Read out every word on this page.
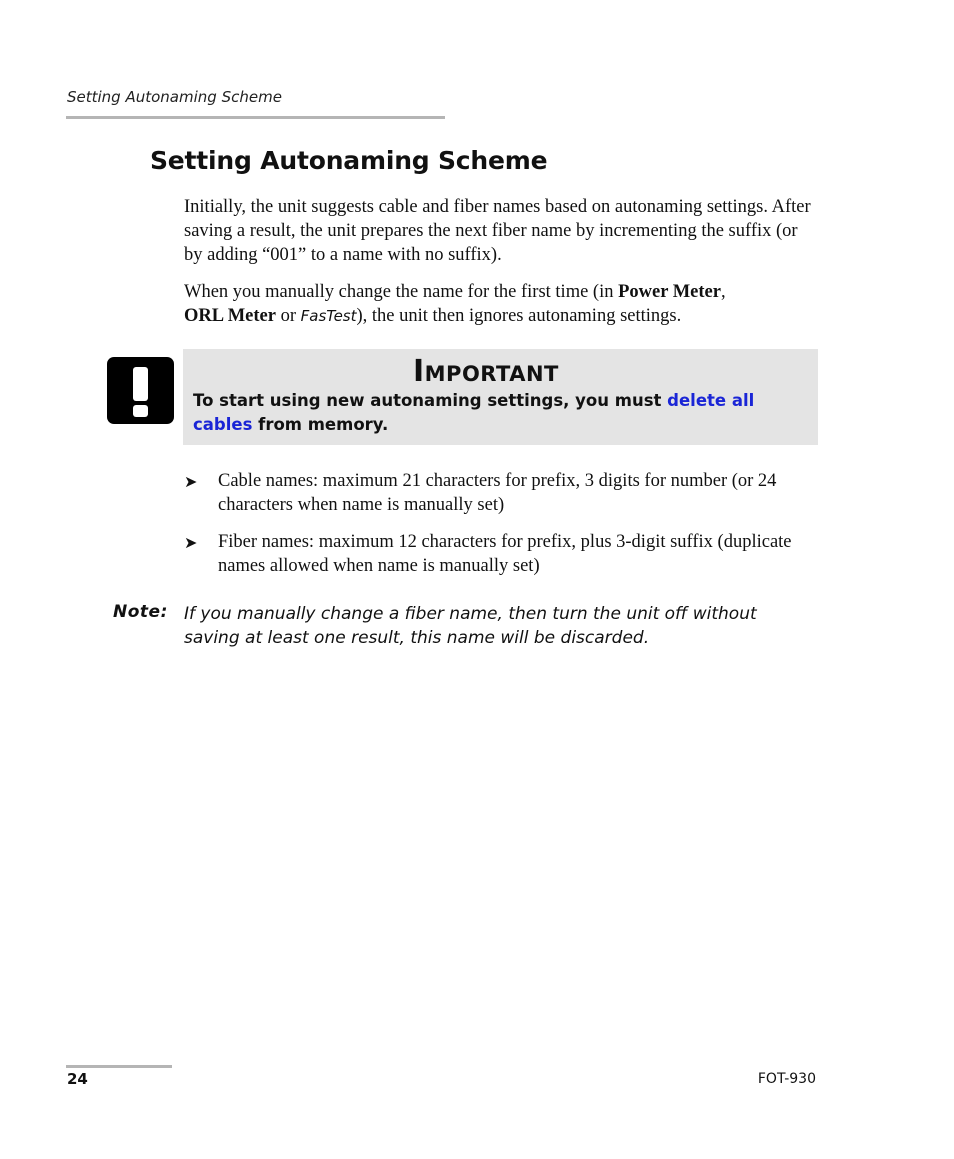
Setting Autonaming Scheme
Setting Autonaming Scheme

Initially, the unit suggests cable and fiber names based on autonaming settings. After saving a result, the unit prepares the next fiber name by incrementing the suffix (or by adding “001” to a name with no suffix).

When you manually change the name for the first time (in Power Meter,
ORL Meter or FasTest), the unit then ignores autonaming settings.

Important
To start using new autonaming settings, you must delete all cables from memory.
➤ Cable names: maximum 21 characters for prefix, 3 digits for number (or 24 characters when name is manually set)
➤ Fiber names: maximum 12 characters for prefix, plus 3-digit suffix (duplicate names allowed when name is manually set)
Note: If you manually change a fiber name, then turn the unit off without saving at least one result, this name will be discarded.
24	FOT-930
